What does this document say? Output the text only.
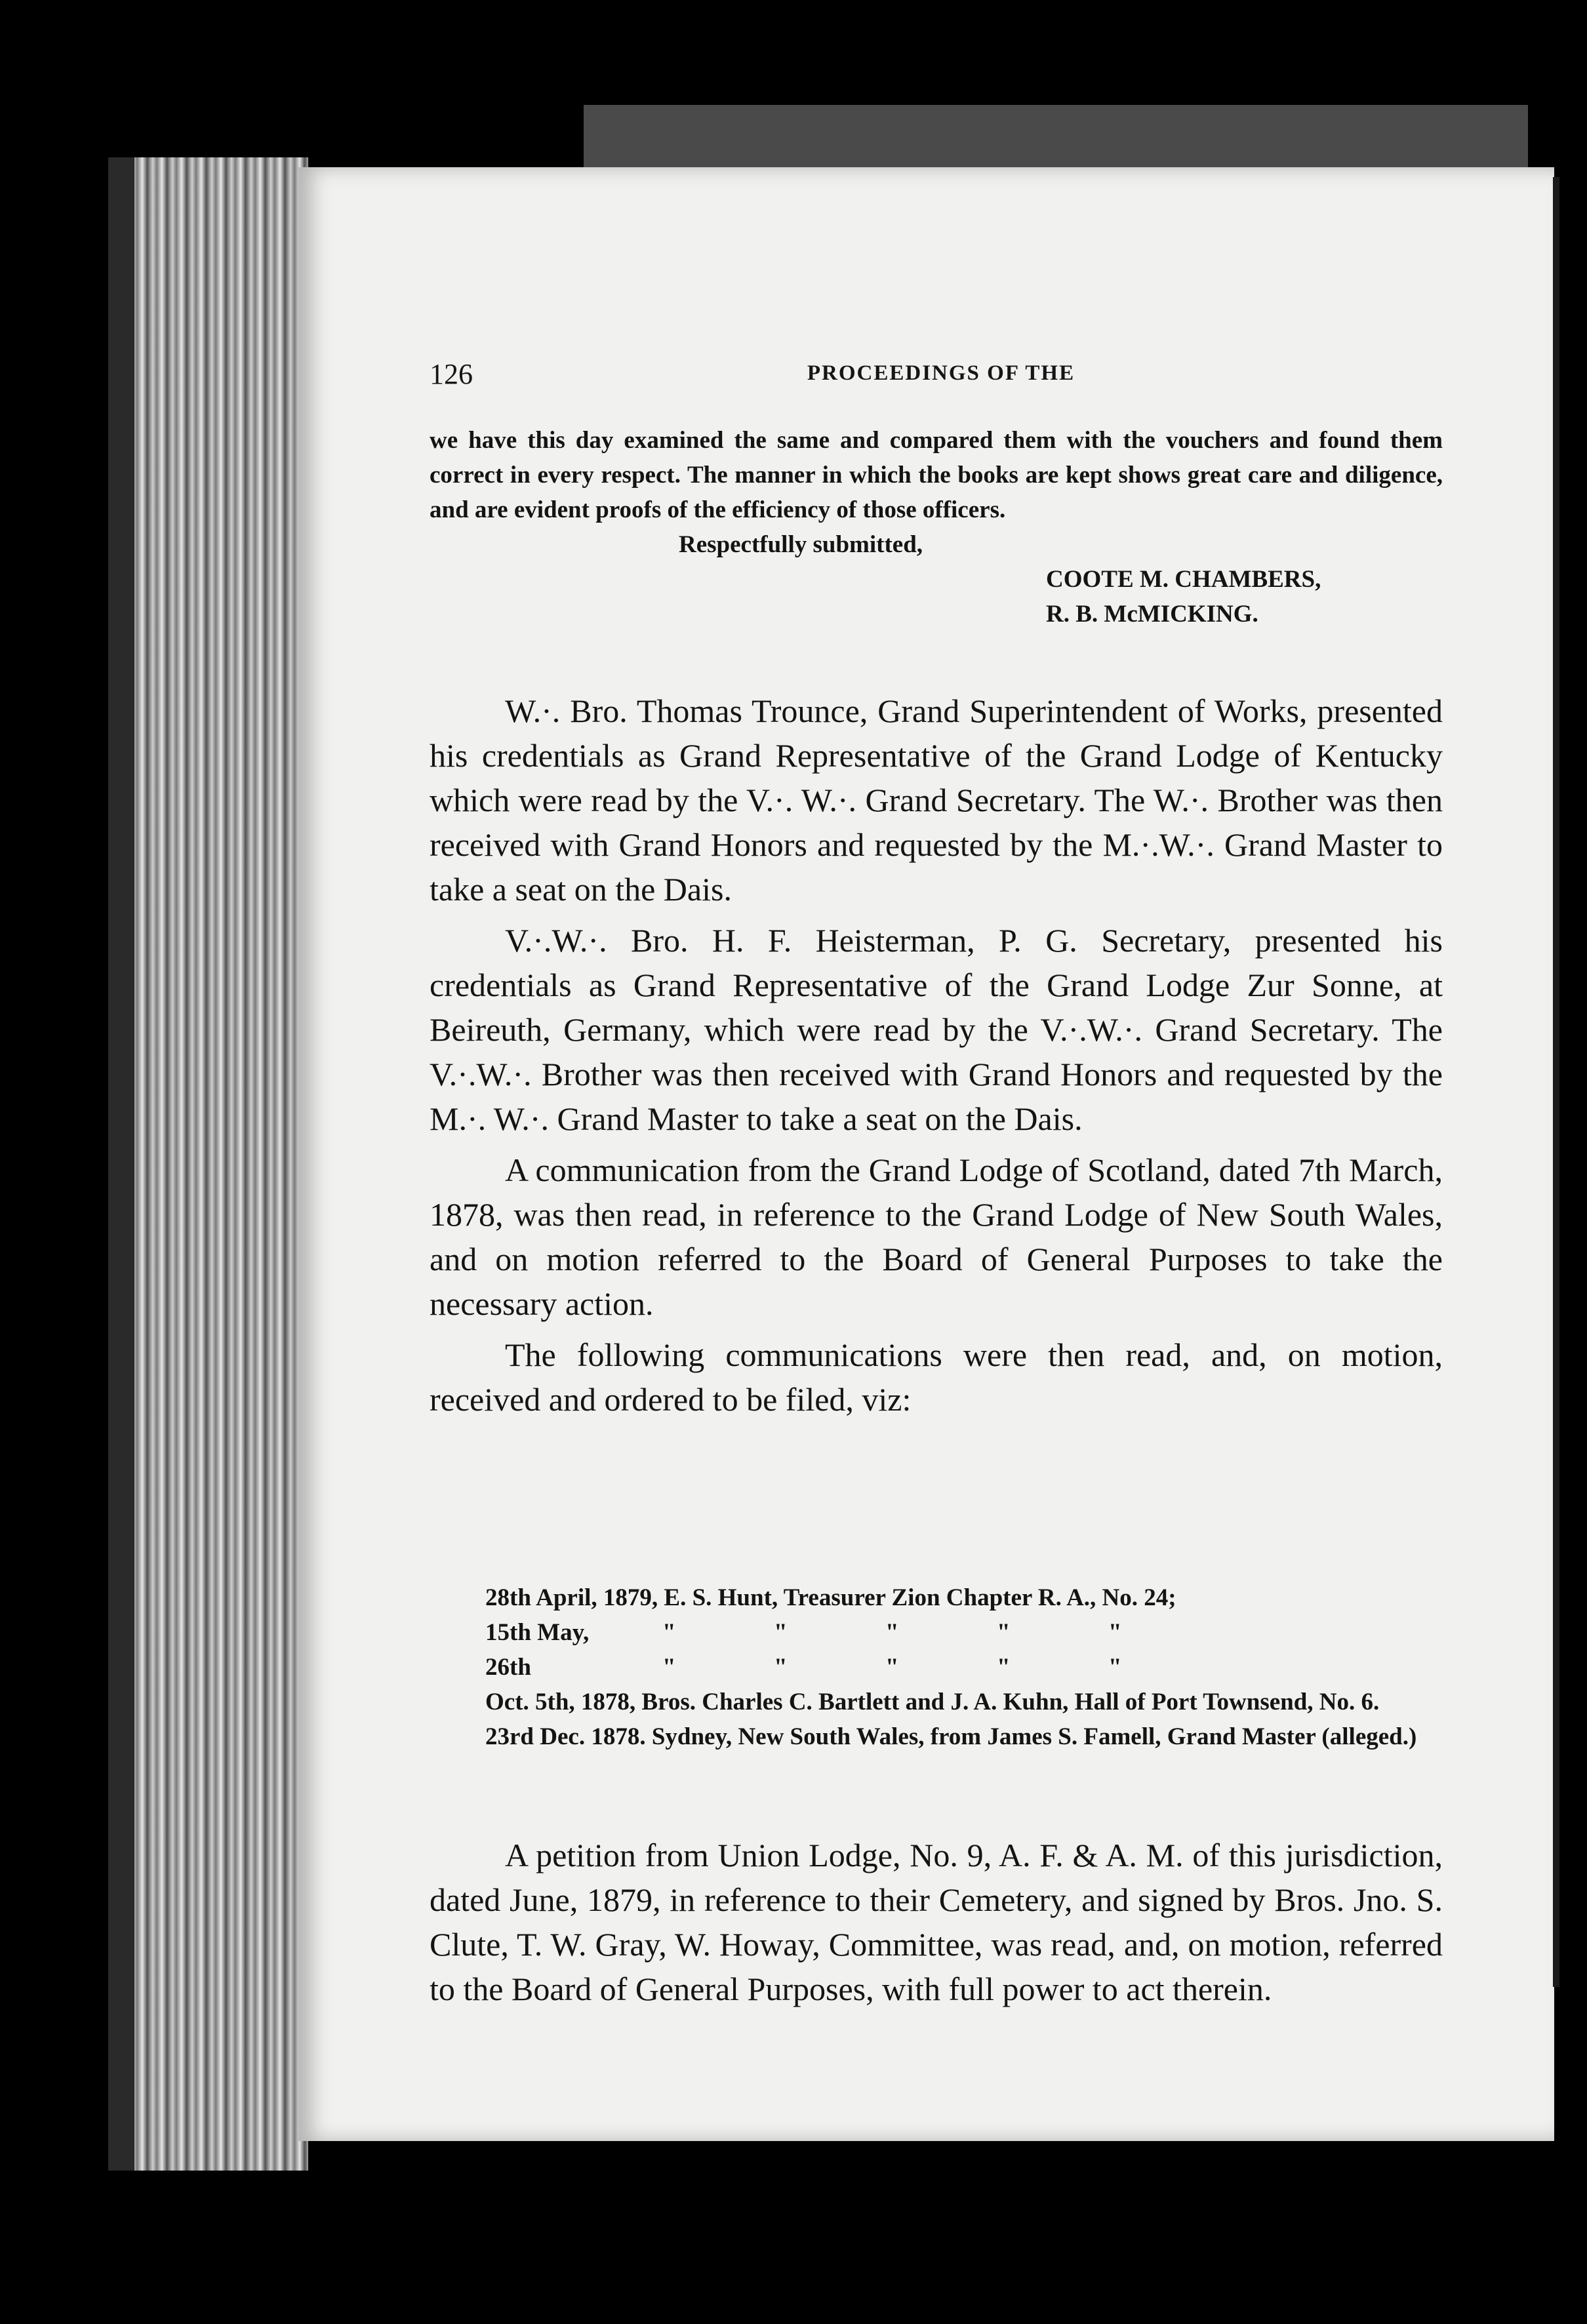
126	PROCEEDINGS OF THE

we have this day examined the same and compared them with the vouchers and found them correct in every respect. The manner in which the books are kept shows great care and diligence, and are evident proofs of the efficiency of those officers.

Respectfully submitted,

COOTE M. CHAMBERS,

R. B. McMICKING.

W.·. Bro. Thomas Trounce, Grand Superintendent of Works, presented his credentials as Grand Representative of the Grand Lodge of Kentucky which were read by the V.·. W.·. Grand Secretary. The W.·. Brother was then received with Grand Honors and requested by the M.·.W.·. Grand Master to take a seat on the Dais.

V.·.W.·. Bro. H. F. Heisterman, P. G. Secretary, presented his credentials as Grand Representative of the Grand Lodge Zur Sonne, at Beireuth, Germany, which were read by the V.·.W.·. Grand Secretary. The V.·.W.·. Brother was then received with Grand Honors and requested by the M.·. W.·. Grand Master to take a seat on the Dais.

A communication from the Grand Lodge of Scotland, dated 7th March, 1878, was then read, in reference to the Grand Lodge of New South Wales, and on motion referred to the Board of General Purposes to take the necessary action.

The following communications were then read, and, on motion, received and ordered to be filed, viz:

28th April, 1879, E. S. Hunt, Treasurer Zion Chapter R. A., No. 24;

15th May,	"	"	"	"	"
26th	"	"	"	"	"

Oct. 5th, 1878, Bros. Charles C. Bartlett and J. A. Kuhn, Hall of Port Townsend, No. 6.

23rd Dec. 1878. Sydney, New South Wales, from James S. Famell, Grand Master (alleged.)

A petition from Union Lodge, No. 9, A. F. & A. M. of this jurisdiction, dated June, 1879, in reference to their Cemetery, and signed by Bros. Jno. S. Clute, T. W. Gray, W. Howay, Committee, was read, and, on motion, referred to the Board of General Purposes, with full power to act therein.
